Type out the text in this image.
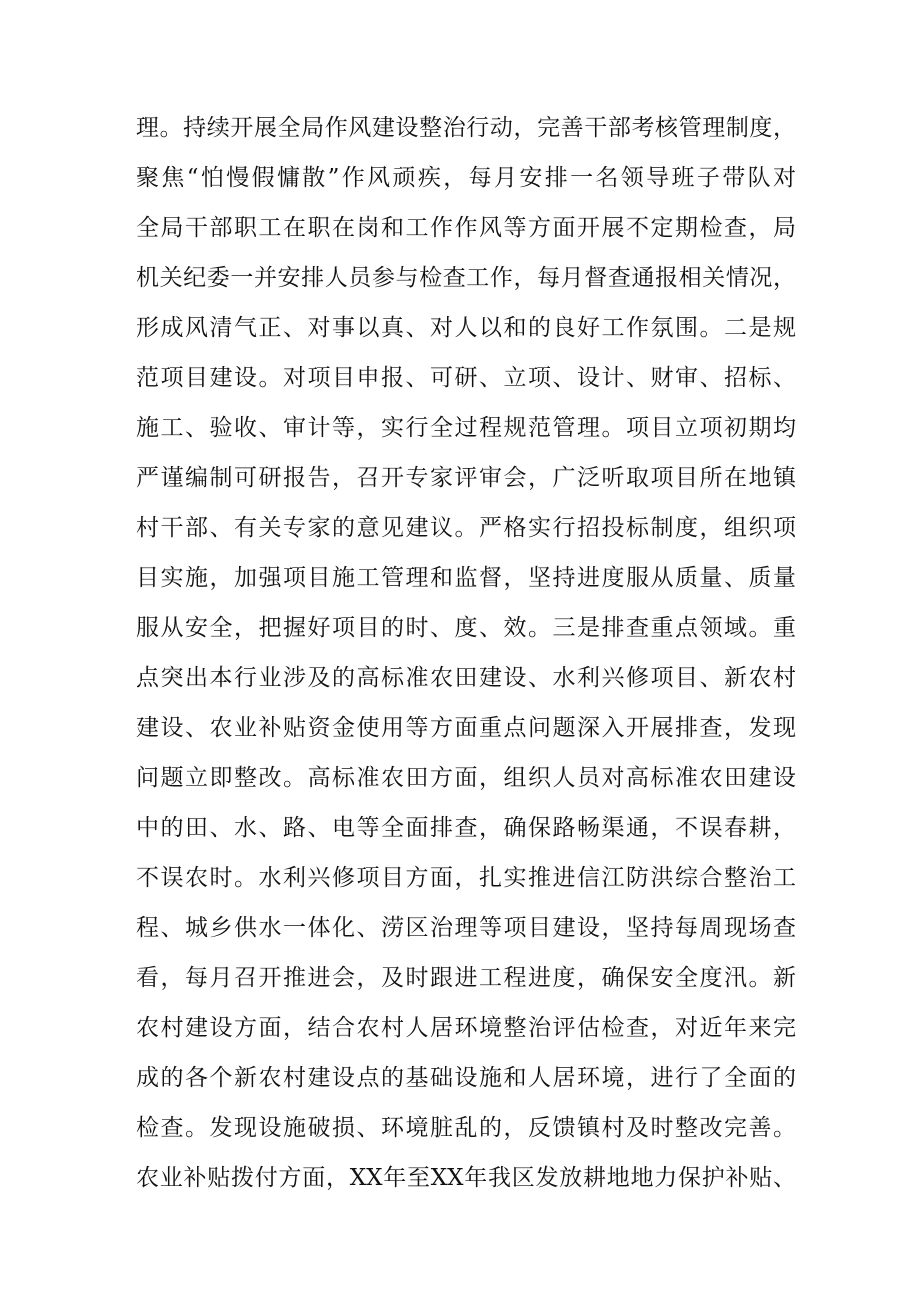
理。持续开展全局作风建设整治行动，完善干部考核管理制度，
聚焦“怕慢假慵散”作风顽疾，每月安排一名领导班子带队对
全局干部职工在职在岗和工作作风等方面开展不定期检查，局
机关纪委一并安排人员参与检查工作，每月督查通报相关情况，
形成风清气正、对事以真、对人以和的良好工作氛围。二是规
范项目建设。对项目申报、可研、立项、设计、财审、招标、
施工、验收、审计等，实行全过程规范管理。项目立项初期均
严谨编制可研报告，召开专家评审会，广泛听取项目所在地镇
村干部、有关专家的意见建议。严格实行招投标制度，组织项
目实施，加强项目施工管理和监督，坚持进度服从质量、质量
服从安全，把握好项目的时、度、效。三是排查重点领域。重
点突出本行业涉及的高标准农田建设、水利兴修项目、新农村
建设、农业补贴资金使用等方面重点问题深入开展排查，发现
问题立即整改。高标准农田方面，组织人员对高标准农田建设
中的田、水、路、电等全面排查，确保路畅渠通，不误春耕，
不误农时。水利兴修项目方面，扎实推进信江防洪综合整治工
程、城乡供水一体化、涝区治理等项目建设，坚持每周现场查
看，每月召开推进会，及时跟进工程进度，确保安全度汛。新
农村建设方面，结合农村人居环境整治评估检查，对近年来完
成的各个新农村建设点的基础设施和人居环境，进行了全面的
检查。发现设施破损、环境脏乱的，反馈镇村及时整改完善。
农业补贴拨付方面，XX年至XX年我区发放耕地地力保护补贴、
